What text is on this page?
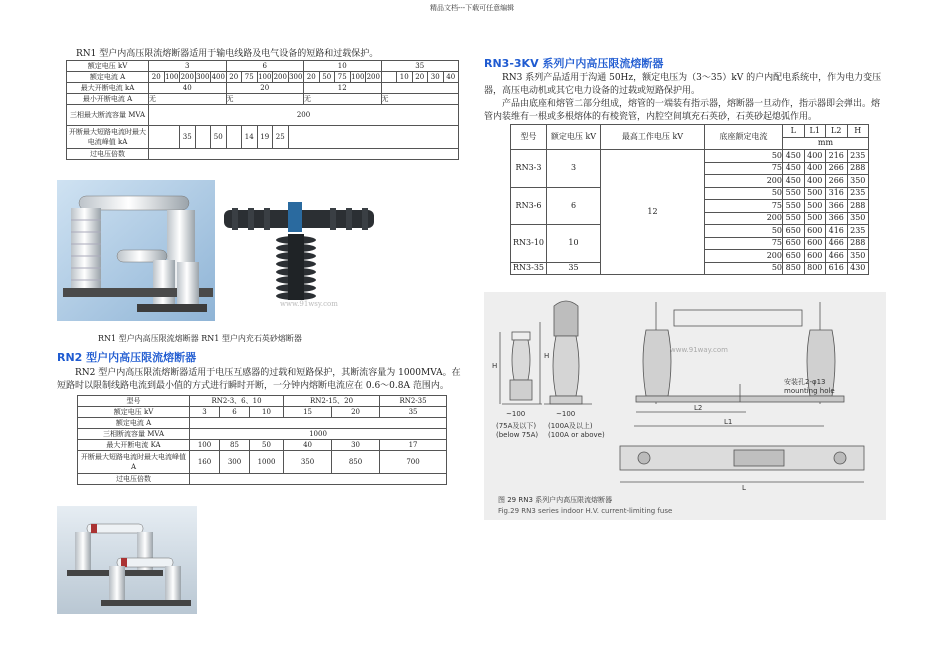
精品文档---下载可任意编辑
RN1 型户内高压限流熔断器适用于输电线路及电气设备的短路和过载保护。
额定电压 kV	3					6					10					35				
额定电流 A	20	100	200	300	400	20	75	100	200	300	20	50	75	100	200		10	20	30	40
最大开断电流 kA	40					20					12									
最小开断电流 A	无					无					无					无				
三相最大断流容量 MVA	200																			
开断最大短路电流时最大电流峰值 kA			35		50		14	19	25											
过电压倍数																				
www.91wsy.com
RN1 型户内高压限流熔断器 RN1 型户内充石英砂熔断器
RN2 型户内高压限流熔断器
RN2 型户内高压限流熔断器适用于电压互感器的过载和短路保护，其断流容量为 1000MVA。在短路时以限制线路电流到最小值的方式进行瞬时开断，一分钟内熔断电流应在 0.6～0.8A 范围内。
型号	RN2-3、6、10			RN2-15、20		RN2-35
额定电压 kV	3	6	10	15	20	35
额定电流 A						
三相断流容量 MVA	1000					
最大开断电流 KA	100	85	50	40	30	17
开断最大短路电流时最大电流峰值 A	160	300	1000	350	850	700
过电压倍数						
RN3-3KV 系列户内高压限流熔断器
RN3 系列产品适用于沟通 50Hz，额定电压为（3～35）kV 的户内配电系统中，作为电力变压器，高压电动机或其它电力设备的过载或短路保护用。
产品由底座和熔管二部分组成，熔管的一端装有指示器，熔断器一旦动作，指示器即会弹出。熔管内装维有一根或多根熔体的有棱瓷管，内腔空间填充石英砂，石英砂起熄弧作用。
型号	额定电压 kV	最高工作电压 kV	底座额定电流	L	L1	L2	H
				mm			
RN3-3	3	12	50	450	400	216	235
			75	450	400	266	288
			200	450	400	266	350
RN3-6	6		50	550	500	316	235
			75	550	500	366	288
			200	550	500	366	350
RN3-10	10		50	650	600	416	235
			75	650	600	466	288
			200	650	600	466	350
RN3-35	35		50	850	800	616	430
H
H
~100	~100
(75A及以下)
(below 75A)
(100A及以上)
(100A or above)
L2
L1
L
安装孔2-φ13
mounting hole
www.91way.com
图 29 RN3 系列户内高压限流熔断器
Fig.29 RN3 series indoor H.V. current-limiting fuse
